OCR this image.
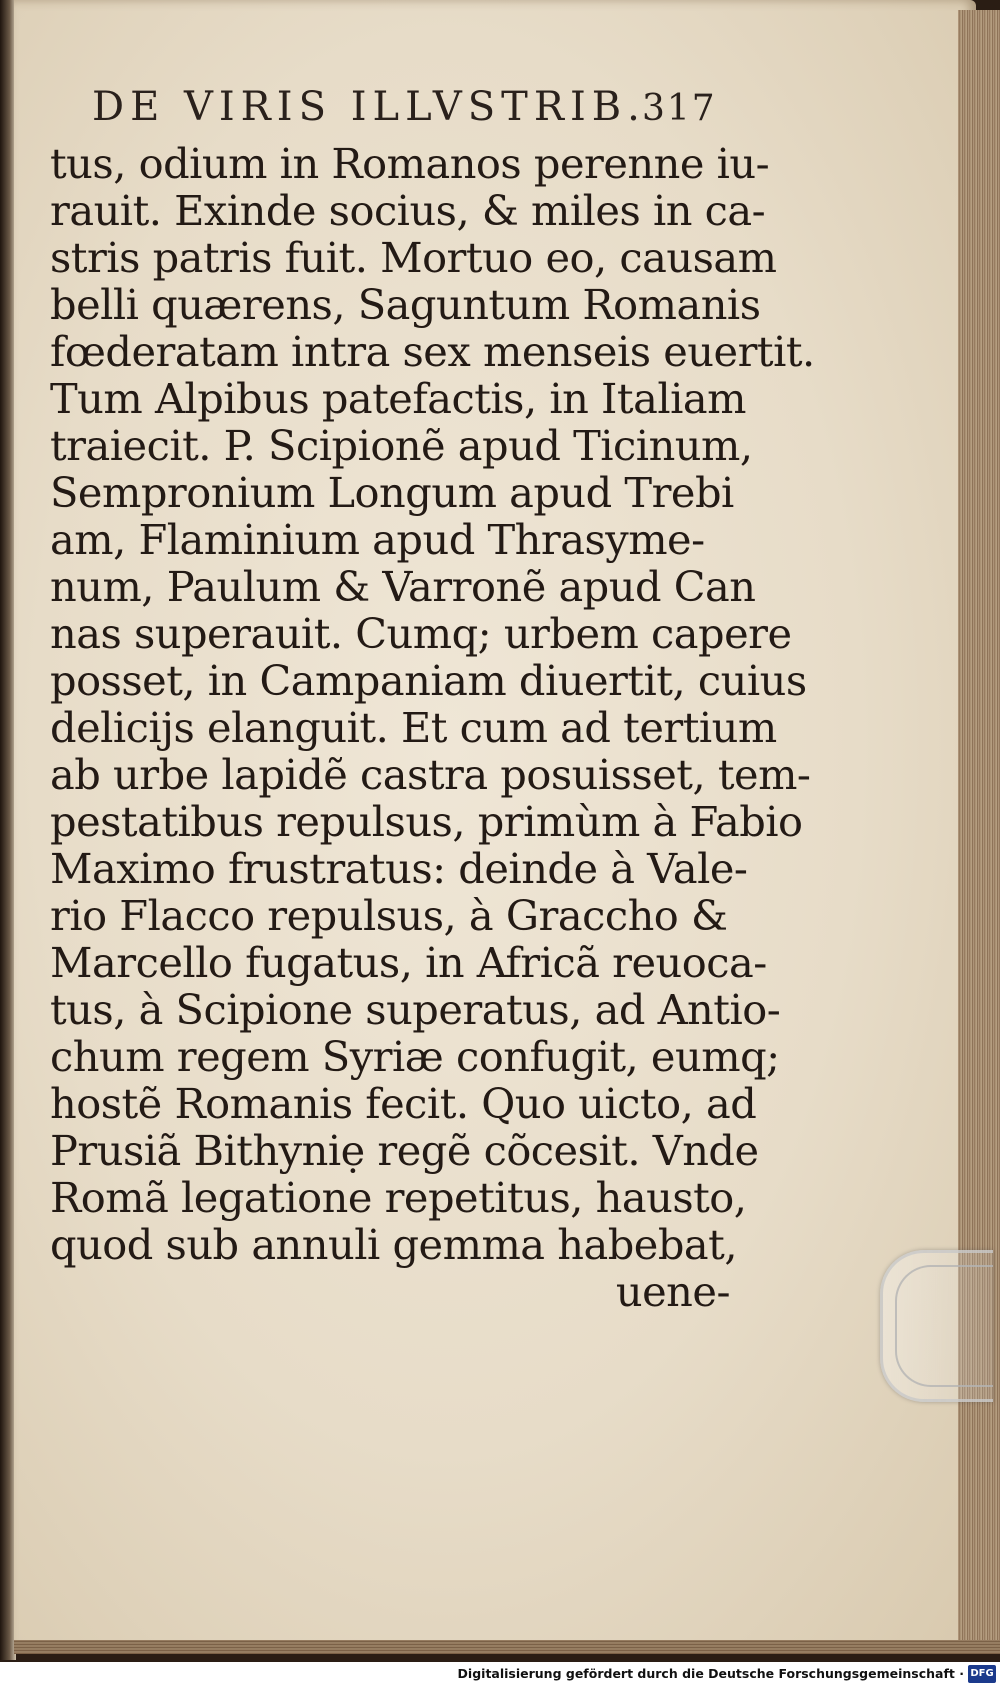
DE VIRIS ILLVSTRIB.
317
tus, odium in Romanos perenne iu-
rauit. Exinde socius, & miles in ca-
stris patris fuit. Mortuo eo, causam
belli quærens, Saguntum Romanis
fœderatam intra sex menseis euertit.
Tum Alpibus patefactis, in Italiam
traiecit. P. Scipionẽ apud Ticinum,
Sempronium Longum apud Trebi
am, Flaminium apud Thrasyme-
num, Paulum & Varronẽ apud Can
nas superauit. Cumq; urbem capere
posset, in Campaniam diuertit, cuius
delicijs elanguit. Et cum ad tertium
ab urbe lapidẽ castra posuisset, tem-
pestatibus repulsus, primùm à Fabio
Maximo frustratus: deinde à Vale-
rio Flacco repulsus, à Graccho &
Marcello fugatus, in Africã reuoca-
tus, à Scipione superatus, ad Antio-
chum regem Syriæ confugit, eumq;
hostẽ Romanis fecit. Quo uicto, ad
Prusiã Bithyniẹ regẽ cõcesit. Vnde
Romã legatione repetitus, hausto,
quod sub annuli gemma habebat,
uene-
Digitalisierung gefördert durch die Deutsche Forschungsgemeinschaft · DFG
